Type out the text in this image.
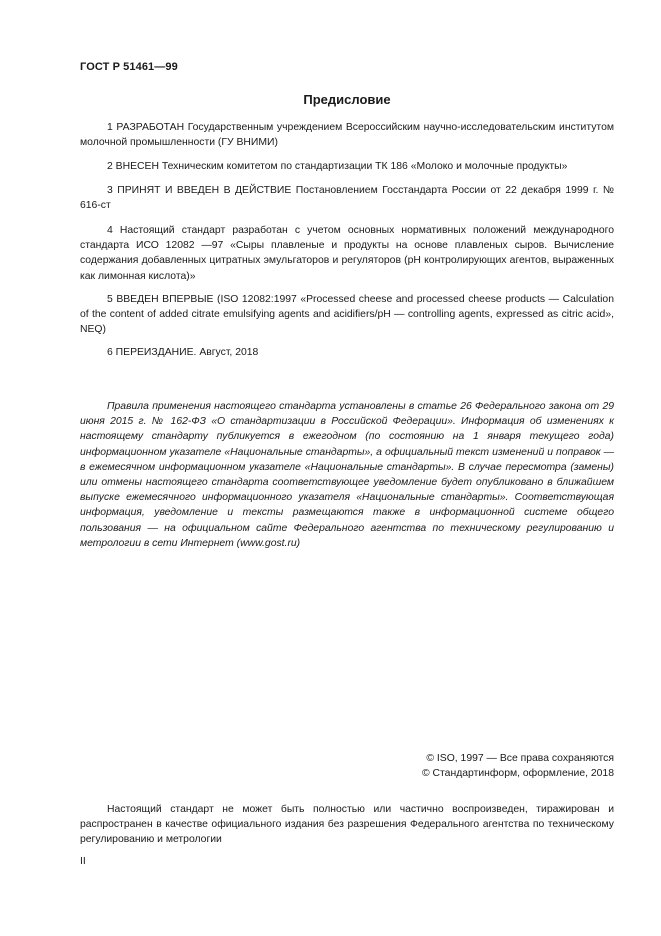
ГОСТ Р 51461—99
Предисловие
1 РАЗРАБОТАН Государственным учреждением Всероссийским научно-исследовательским институтом молочной промышленности (ГУ ВНИМИ)
2 ВНЕСЕН Техническим комитетом по стандартизации ТК 186 «Молоко и молочные продукты»
3 ПРИНЯТ И ВВЕДЕН В ДЕЙСТВИЕ Постановлением Госстандарта России от 22 декабря 1999 г. № 616-ст
4 Настоящий стандарт разработан с учетом основных нормативных положений международного стандарта ИСО 12082 —97 «Сыры плавленые и продукты на основе плавленых сыров. Вычисление содержания добавленных цитратных эмульгаторов и регуляторов (pH контролирующих агентов, выраженных как лимонная кислота)»
5 ВВЕДЕН ВПЕРВЫЕ (ISO 12082:1997 «Processed cheese and processed cheese products — Calculation of the content of added citrate emulsifying agents and acidifiers/pH — controlling agents, expressed as citric acid», NEQ)
6 ПЕРЕИЗДАНИЕ. Август, 2018
Правила применения настоящего стандарта установлены в статье 26 Федерального закона от 29 июня 2015 г. № 162-ФЗ «О стандартизации в Российской Федерации». Информация об изменениях к настоящему стандарту публикуется в ежегодном (по состоянию на 1 января текущего года) информационном указателе «Национальные стандарты», а официальный текст изменений и поправок — в ежемесячном информационном указателе «Национальные стандарты». В случае пересмотра (замены) или отмены настоящего стандарта соответствующее уведомление будет опубликовано в ближайшем выпуске ежемесячного информационного указателя «Национальные стандарты». Соответствующая информация, уведомление и тексты размещаются также в информационной системе общего пользования — на официальном сайте Федерального агентства по техническому регулированию и метрологии в сети Интернет (www.gost.ru)
© ISO, 1997 — Все права сохраняются
© Стандартинформ, оформление, 2018
Настоящий стандарт не может быть полностью или частично воспроизведен, тиражирован и распространен в качестве официального издания без разрешения Федерального агентства по техническому регулированию и метрологии
II
